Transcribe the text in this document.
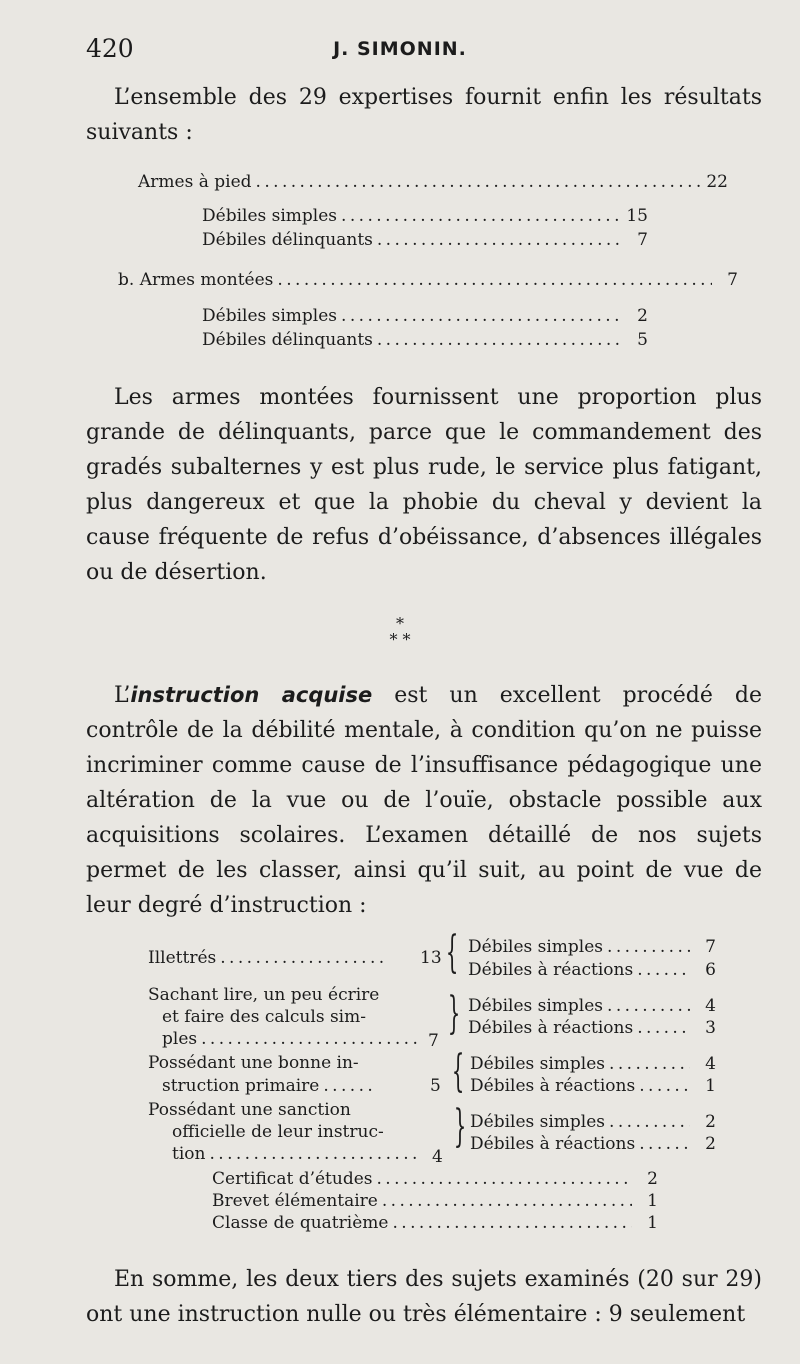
420	J. SIMONIN.
L’ensemble des 29 expertises fournit enfin les résultats suivants :
Armes à pied . . .	22
Débiles simples . . .	15
Débiles délinquants . . .	7
b. Armes montées . . .	7
Débiles simples . . .	2
Débiles délinquants . . .	5
Les armes montées fournissent une proportion plus grande de délinquants, parce que le commandement des gradés subalternes y est plus rude, le service plus fatigant, plus dangereux et que la phobie du cheval y devient la cause fréquente de refus d’obéissance, d’absences illégales ou de désertion.
*
* *
L’instruction acquise est un excellent procédé de contrôle de la débilité mentale, à condition qu’on ne puisse incriminer comme cause de l’insuffisance pédagogique une altération de la vue ou de l’ouïe, obstacle possible aux acquisitions scolaires. L’examen détaillé de nos sujets permet de les classer, ainsi qu’il suit, au point de vue de leur degré d’instruction :
Illettrés . . .	13 { Débiles simples . . .	7
Débiles à réactions . . .	6
Sachant lire, un peu écrire
et faire des calculs sim-
ples . . .	7
} Débiles simples . . .	4
Débiles à réactions . . .	3
Possédant une bonne in-
struction primaire . . .	5 { Débiles simples . . .	4
Débiles à réactions . . .	1
Possédant une sanction
officielle de leur instruc-
tion . . .	4
} Débiles simples . . .	2
Débiles à réactions . . .	2
Certificat d’études . . .	2
Brevet élémentaire . . .	1
Classe de quatrième . . .	1
En somme, les deux tiers des sujets examinés (20 sur 29) ont une instruction nulle ou très élémentaire : 9 seulement
